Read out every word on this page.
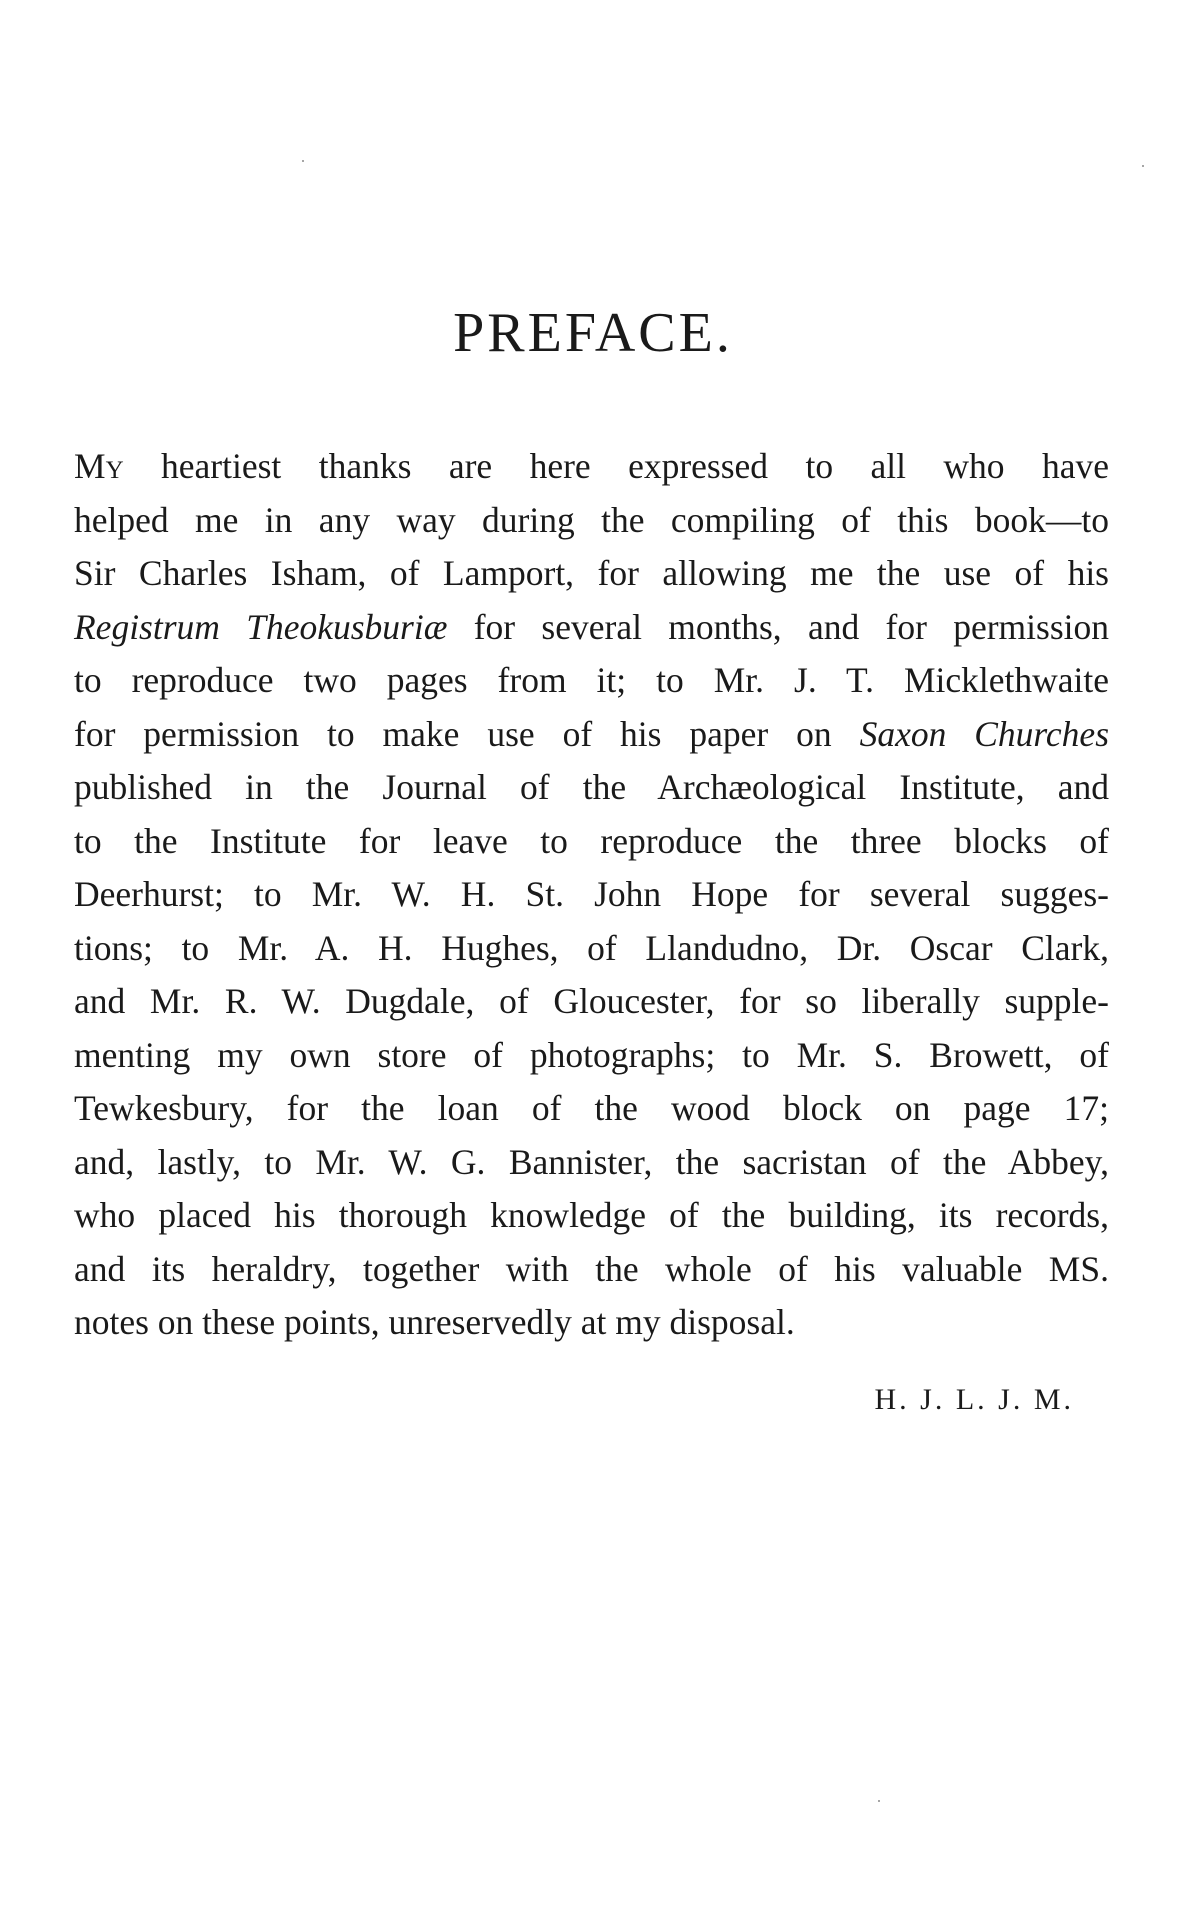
PREFACE.
My heartiest thanks are here expressed to all who have
helped me in any way during the compiling of this book—to
Sir Charles Isham, of Lamport, for allowing me the use of his
Registrum Theokusburiæ for several months, and for permission
to reproduce two pages from it; to Mr. J. T. Micklethwaite
for permission to make use of his paper on Saxon Churches
published in the Journal of the Archæological Institute, and
to the Institute for leave to reproduce the three blocks of
Deerhurst; to Mr. W. H. St. John Hope for several sugges-
tions; to Mr. A. H. Hughes, of Llandudno, Dr. Oscar Clark,
and Mr. R. W. Dugdale, of Gloucester, for so liberally supple-
menting my own store of photographs; to Mr. S. Browett, of
Tewkesbury, for the loan of the wood block on page 17;
and, lastly, to Mr. W. G. Bannister, the sacristan of the Abbey,
who placed his thorough knowledge of the building, its records,
and its heraldry, together with the whole of his valuable MS.
notes on these points, unreservedly at my disposal.

H. J. L. J. M.
